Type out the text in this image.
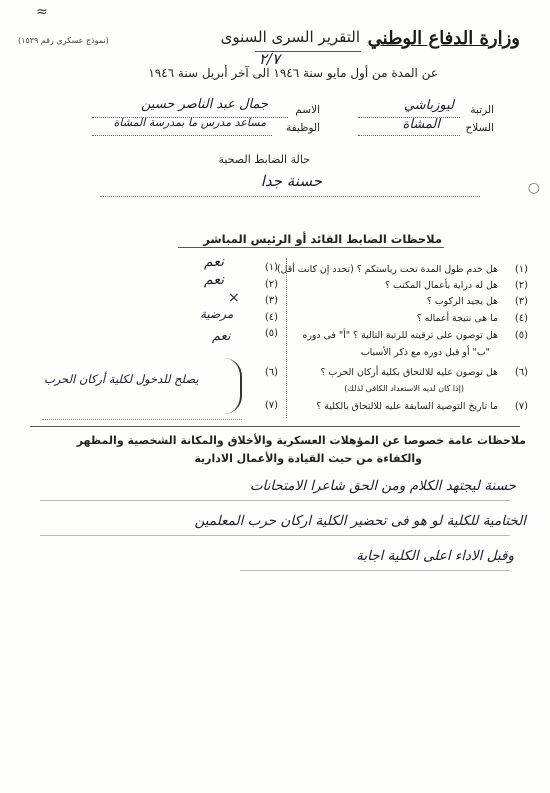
(نموذج عسكري رقم ١٥٣٩)
≈
وزارة الدفاع الوطني
التقرير السرى السنوى
٢/٧
عن المدة من أول مايو سنة ١٩٤٦ الى آخر أبريل سنة ١٩٤٦
الرتبة
ليوزباشي
السلاح
المشاة
الاسم
جمال عبد الناصر حسين
الوظيفة
مساعد مدرس ما بمدرسة المشاة
حالة الضابط الصحية
حسنة جدا	○
ملاحظات الضابط القائد أو الرئيس المباشر
(١)
هل خدم طول المدة تحت رياستكم ؟ (تحدد إن كانت أقل)
(٢)
هل له دراية بأعمال المكتب ؟
(٣)
هل يجيد الركوب ؟
(٤)
ما هى نتيجة أعماله ؟
(٥)
هل توصون على ترقيته للرتبة التالية ؟ "أ" فى دوره
"ب" أو قبل دوره مع ذكر الأسباب
(٦)
هل توصون عليه للالتحاق بكلية أركان الحرب ؟
(إذا كان لديه الاستعداد الكافى لذلك)
(٧)
ما تاريخ التوصية السابقة عليه للالتحاق بالكلية ؟
(١)
نعم
(٢)
نعم
(٣)
×
(٤)
مرضية
(٥)
نعم
(٦)
يصلح للدخول لكلية أركان الحرب
(٧)
ملاحظات عامة خصوصا عن المؤهلات العسكرية والأخلاق والمكانة الشخصية والمظهر
والكفاءة من حيث القيادة والأعمال الادارية
حسنة ليجتهد الكلام ومن الحق شاعرا الامتحانات
الختامية للكلية لو هو فى تحضير الكلية اركان حرب المعلمين
وقبل الاداء اعلى الكلية اجابة
